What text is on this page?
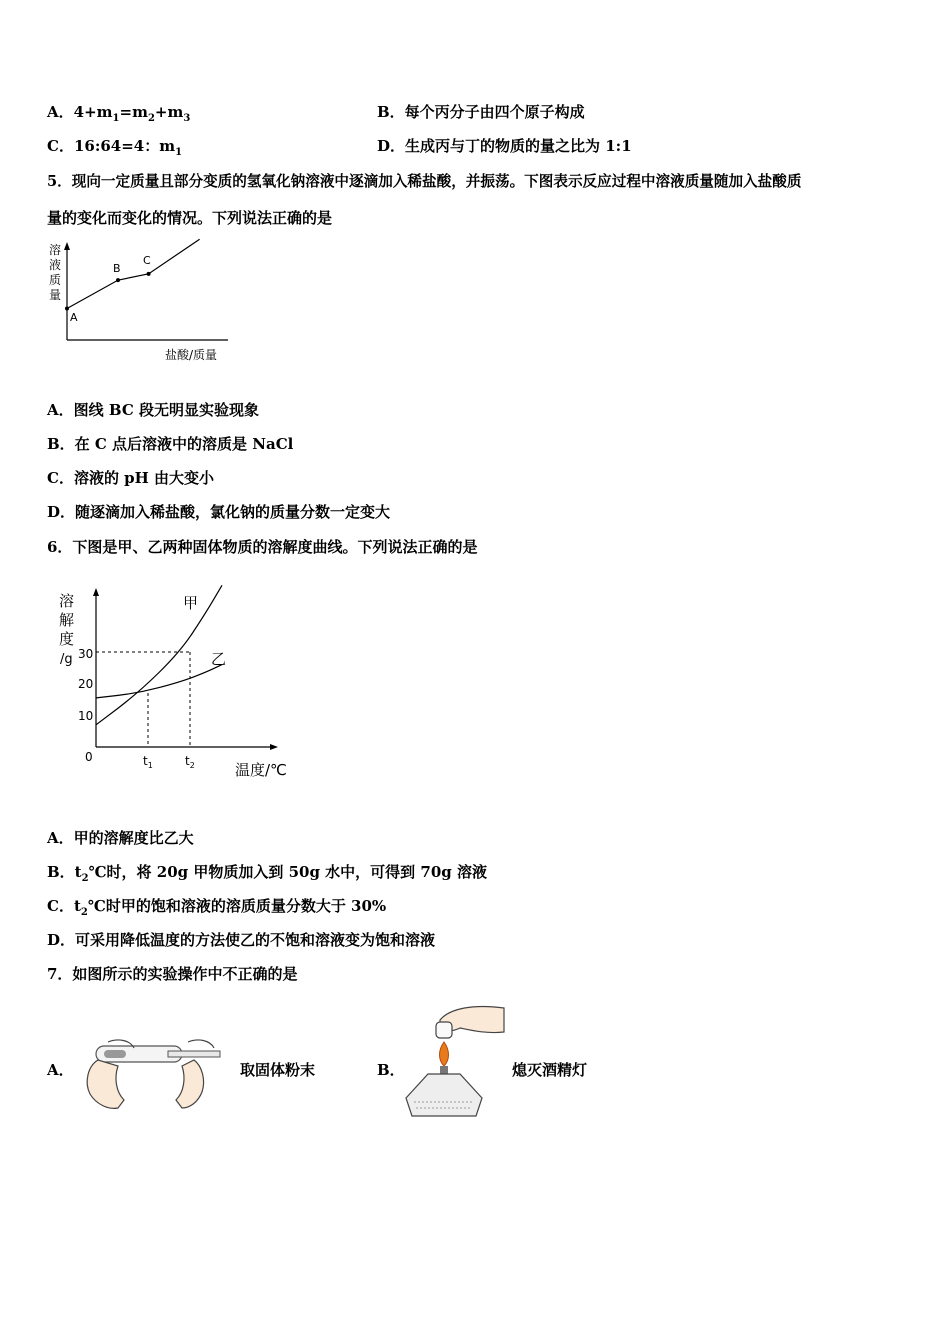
A．$4+m_1=m_2+m_3$	B．每个丙分子由四个原子构成
C．16:64=4：$m_1$	D．生成丙与丁的物质的量之比为 1:1
5．现向一定质量且部分变质的氢氧化钠溶液中逐滴加入稀盐酸，并振荡。下图表示反应过程中溶液质量随加入盐酸质
量的变化而变化的情况。下列说法正确的是
溶
液
质
量
A
B
C
盐酸/质量
A．图线 BC 段无明显实验现象
B．在 C 点后溶液中的溶质是 NaCl
C．溶液的 pH 由大变小
D．随逐滴加入稀盐酸，氯化钠的质量分数一定变大
6．下图是甲、乙两种固体物质的溶解度曲线。下列说法正确的是
溶
解
度
/g 30
20
10
0
甲
乙
$t_1$	$t_2$	温度/℃
A．甲的溶解度比乙大
B．$t_2℃$时，将 20g 甲物质加入到 50g 水中，可得到 70g 溶液
C．$t_2℃$时甲的饱和溶液的溶质质量分数大于 30%
D．可采用降低温度的方法使乙的不饱和溶液变为饱和溶液
7．如图所示的实验操作中不正确的是
A．	取固体粉末	B．	熄灭酒精灯
